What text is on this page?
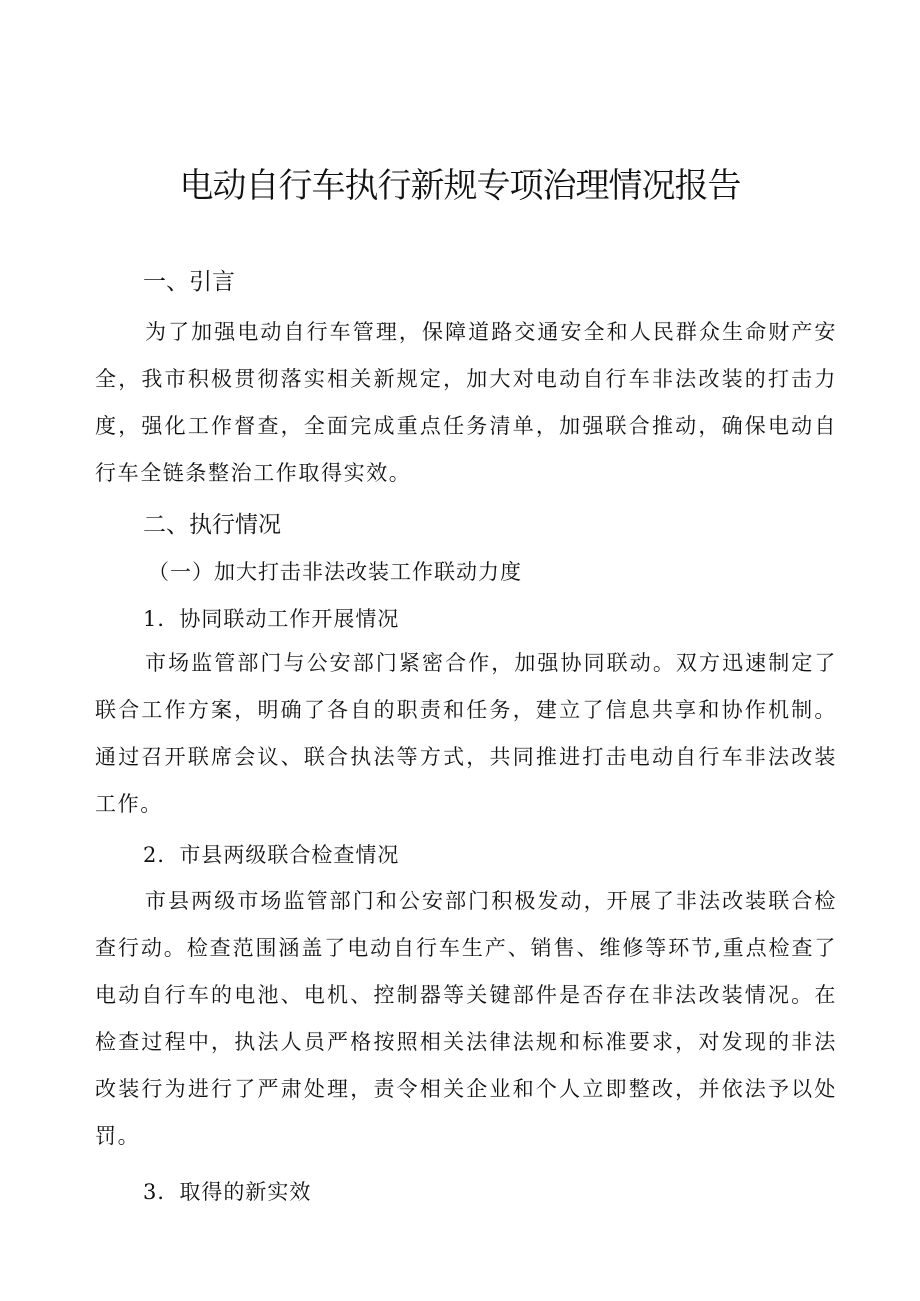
电动自行车执行新规专项治理情况报告
一、引言

为了加强电动自行车管理，保障道路交通安全和人民群众生命财产安全，我市积极贯彻落实相关新规定，加大对电动自行车非法改装的打击力度，强化工作督查，全面完成重点任务清单，加强联合推动，确保电动自行车全链条整治工作取得实效。

二、执行情况

（一）加大打击非法改装工作联动力度

1．协同联动工作开展情况

市场监管部门与公安部门紧密合作，加强协同联动。双方迅速制定了联合工作方案，明确了各自的职责和任务，建立了信息共享和协作机制。通过召开联席会议、联合执法等方式，共同推进打击电动自行车非法改装工作。

2．市县两级联合检查情况

市县两级市场监管部门和公安部门积极发动，开展了非法改装联合检查行动。检查范围涵盖了电动自行车生产、销售、维修等环节,重点检查了电动自行车的电池、电机、控制器等关键部件是否存在非法改装情况。在检查过程中，执法人员严格按照相关法律法规和标准要求，对发现的非法改装行为进行了严肃处理，责令相关企业和个人立即整改，并依法予以处罚。

3．取得的新实效
